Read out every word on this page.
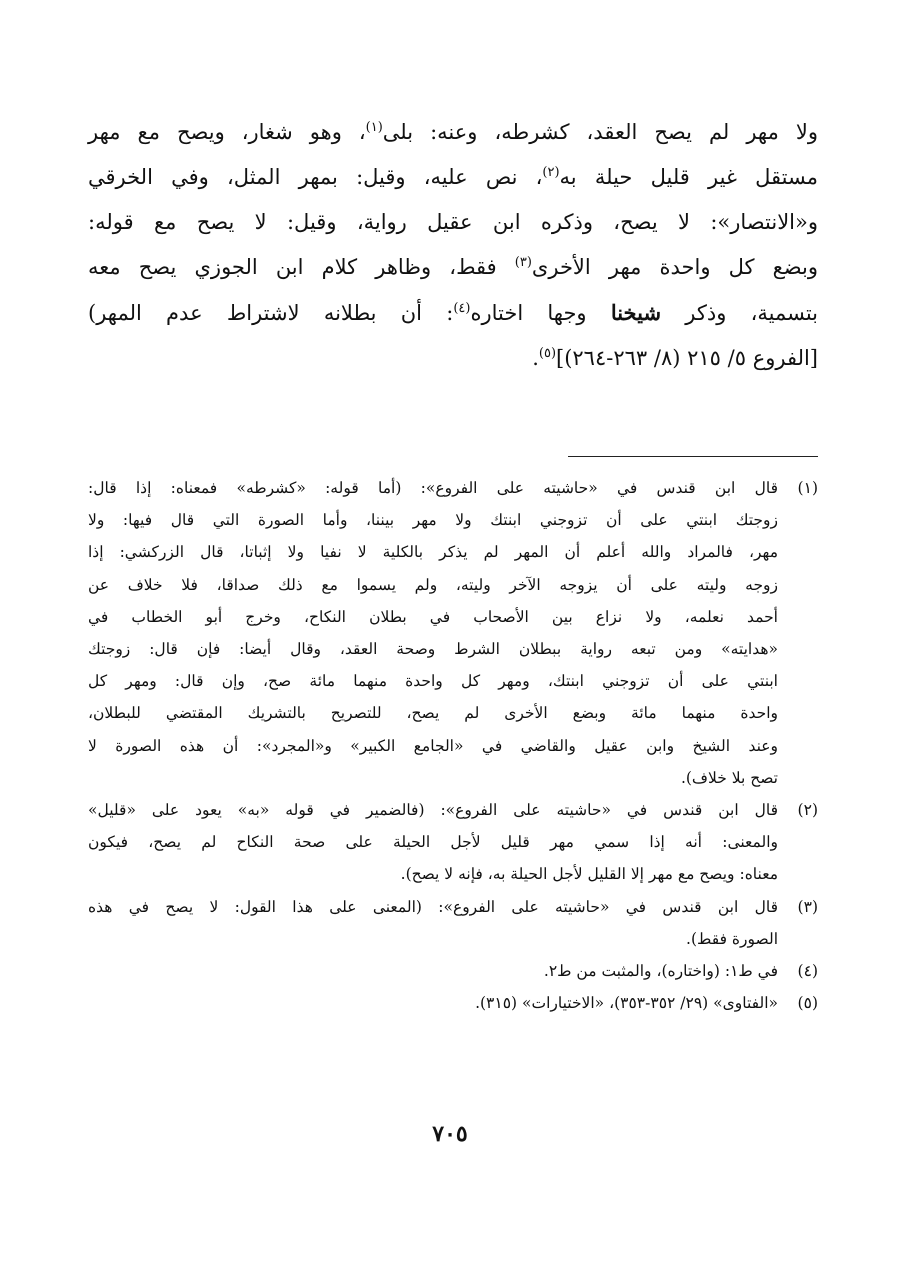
ولا مهر لم يصح العقد، كشرطه، وعنه: بلى$^{(١)}$، وهو شغار، ويصح مع مهر
مستقل غير قليل حيلة به$^{(٢)}$، نص عليه، وقيل: بمهر المثل، وفي الخرقي
و«الانتصار»: لا يصح، وذكره ابن عقيل رواية، وقيل: لا يصح مع قوله:
وبضع كل واحدة مهر الأخرى$^{(٣)}$ فقط، وظاهر كلام ابن الجوزي يصح معه
بتسمية، وذكر شيخنا وجها اختاره$^{(٤)}$: أن بطلانه لاشتراط عدم المهر)
[الفروع ٥/ ٢١٥ (٨/ ٢٦٣-٢٦٤)]$^{(٥)}$.
(١)
قال ابن قندس في «حاشيته على الفروع»: (أما قوله: «كشرطه» فمعناه: إذا قال:
زوجتك ابنتي على أن تزوجني ابنتك ولا مهر بيننا، وأما الصورة التي قال فيها: ولا
مهر، فالمراد والله أعلم أن المهر لم يذكر بالكلية لا نفيا ولا إثباتا، قال الزركشي: إذا
زوجه وليته على أن يزوجه الآخر وليته، ولم يسموا مع ذلك صداقا، فلا خلاف عن
أحمد نعلمه، ولا نزاع بين الأصحاب في بطلان النكاح، وخرج أبو الخطاب في
«هدايته» ومن تبعه رواية ببطلان الشرط وصحة العقد، وقال أيضا: فإن قال: زوجتك
ابنتي على أن تزوجني ابنتك، ومهر كل واحدة منهما مائة صح، وإن قال: ومهر كل
واحدة منهما مائة وبضع الأخرى لم يصح، للتصريح بالتشريك المقتضي للبطلان،
وعند الشيخ وابن عقيل والقاضي في «الجامع الكبير» و«المجرد»: أن هذه الصورة لا
تصح بلا خلاف).
(٢)
قال ابن قندس في «حاشيته على الفروع»: (فالضمير في قوله «به» يعود على «قليل»
والمعنى: أنه إذا سمي مهر قليل لأجل الحيلة على صحة النكاح لم يصح، فيكون
معناه: ويصح مع مهر إلا القليل لأجل الحيلة به، فإنه لا يصح).
(٣)
قال ابن قندس في «حاشيته على الفروع»: (المعنى على هذا القول: لا يصح في هذه
الصورة فقط).
(٤)
في ط١: (واختاره)، والمثبت من ط٢.
(٥)
«الفتاوى» (٢٩/ ٣٥٢-٣٥٣)، «الاختيارات» (٣١٥).
٧٠٥
